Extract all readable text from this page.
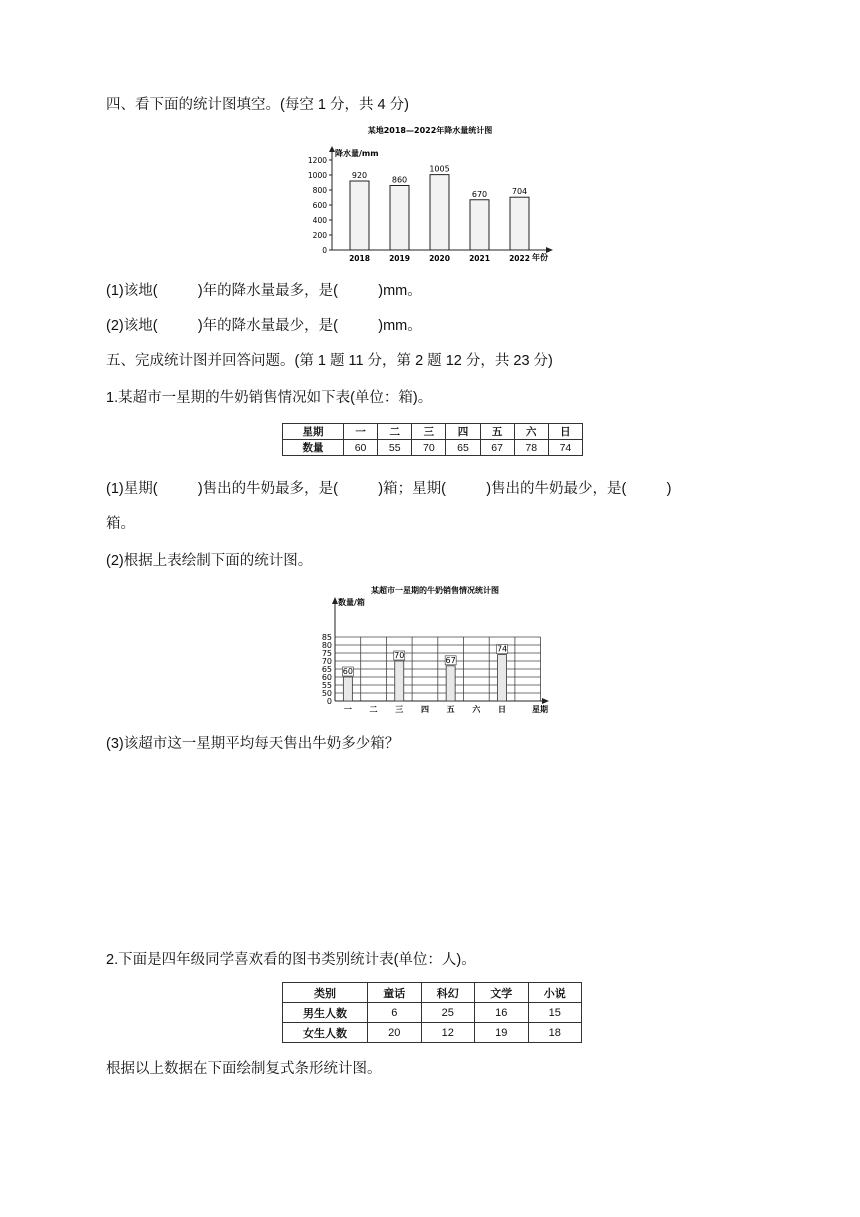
四、看下面的统计图填空。(每空 1 分，共 4 分)
某地2018—2022年降水量统计图
降水量/mm
年份
0
200
400
600
800
1000
1200
920
2018
860
2019
1005
2020
670
2021
704
2022
(1)该地(          )年的降水量最多，是(          )mm。
(2)该地(          )年的降水量最少，是(          )mm。
五、完成统计图并回答问题。(第 1 题 11 分，第 2 题 12 分，共 23 分)
1.某超市一星期的牛奶销售情况如下表(单位：箱)。
星期	一	二	三	四	五	六	日
数量	60	55	70	65	67	78	74
(1)星期(          )售出的牛奶最多，是(          )箱；星期(          )售出的牛奶最少，是(          )
箱。
(2)根据上表绘制下面的统计图。
某超市一星期的牛奶销售情况统计图
数量/箱
星期
0
50
55
60
65
70
75
80
85
一
60
二 三
70
四 五
67
六 日
74
(3)该超市这一星期平均每天售出牛奶多少箱？
2.下面是四年级同学喜欢看的图书类别统计表(单位：人)。
类别	童话	科幻	文学	小说
男生人数	6	25	16	15
女生人数	20	12	19	18
根据以上数据在下面绘制复式条形统计图。
